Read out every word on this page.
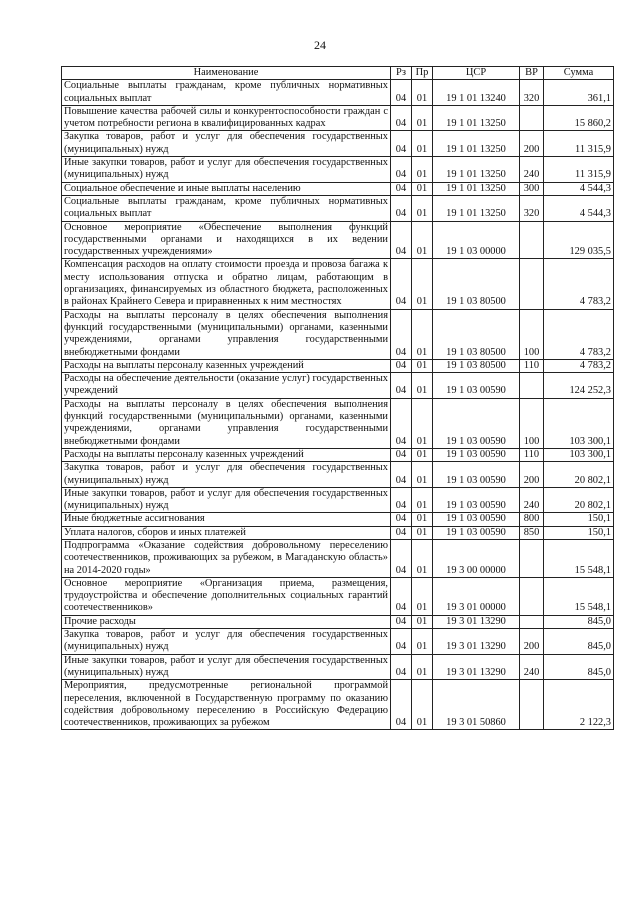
24
Наименование	Рз	Пр	ЦСР	ВР	Сумма
Социальные выплаты гражданам, кроме публичных нормативных социальных выплат	04	01	19 1 01 13240	320	361,1
Повышение качества рабочей силы и конкурентоспособности граждан с учетом потребности региона в квалифицированных кадрах	04	01	19 1 01 13250		15 860,2
Закупка товаров, работ и услуг для обеспечения государственных (муниципальных) нужд	04	01	19 1 01 13250	200	11 315,9
Иные закупки товаров, работ и услуг для обеспечения государственных (муниципальных) нужд	04	01	19 1 01 13250	240	11 315,9
Социальное обеспечение и иные выплаты населению	04	01	19 1 01 13250	300	4 544,3
Социальные выплаты гражданам, кроме публичных нормативных социальных выплат	04	01	19 1 01 13250	320	4 544,3
Основное мероприятие «Обеспечение выполнения функций государственными органами и находящихся в их ведении государственных учреждениями»	04	01	19 1 03 00000		129 035,5
Компенсация расходов на оплату стоимости проезда и провоза багажа к месту использования отпуска и обратно лицам, работающим в организациях, финансируемых из областного бюджета, расположенных в районах Крайнего Севера и приравненных к ним местностях	04	01	19 1 03 80500		4 783,2
Расходы на выплаты персоналу в целях обеспечения выполнения функций государственными (муниципальными) органами, казенными учреждениями, органами управления государственными внебюджетными фондами	04	01	19 1 03 80500	100	4 783,2
Расходы на выплаты персоналу казенных учреждений	04	01	19 1 03 80500	110	4 783,2
Расходы на обеспечение деятельности (оказание услуг) государственных учреждений	04	01	19 1 03 00590		124 252,3
Расходы на выплаты персоналу в целях обеспечения выполнения функций государственными (муниципальными) органами, казенными учреждениями, органами управления государственными внебюджетными фондами	04	01	19 1 03 00590	100	103 300,1
Расходы на выплаты персоналу казенных учреждений	04	01	19 1 03 00590	110	103 300,1
Закупка товаров, работ и услуг для обеспечения государственных (муниципальных) нужд	04	01	19 1 03 00590	200	20 802,1
Иные закупки товаров, работ и услуг для обеспечения государственных (муниципальных) нужд	04	01	19 1 03 00590	240	20 802,1
Иные бюджетные ассигнования	04	01	19 1 03 00590	800	150,1
Уплата налогов, сборов и иных платежей	04	01	19 1 03 00590	850	150,1
Подпрограмма «Оказание содействия добровольному переселению соотечественников, проживающих за рубежом, в Магаданскую область» на 2014-2020 годы»	04	01	19 3 00 00000		15 548,1
Основное мероприятие «Организация приема, размещения, трудоустройства и обеспечение дополнительных социальных гарантий соотечественников»	04	01	19 3 01 00000		15 548,1
Прочие расходы	04	01	19 3 01 13290		845,0
Закупка товаров, работ и услуг для обеспечения государственных (муниципальных) нужд	04	01	19 3 01 13290	200	845,0
Иные закупки товаров, работ и услуг для обеспечения государственных (муниципальных) нужд	04	01	19 3 01 13290	240	845,0
Мероприятия, предусмотренные региональной программой переселения, включенной в Государственную программу по оказанию содействия добровольному переселению в Российскую Федерацию соотечественников, проживающих за рубежом	04	01	19 3 01 50860		2 122,3
